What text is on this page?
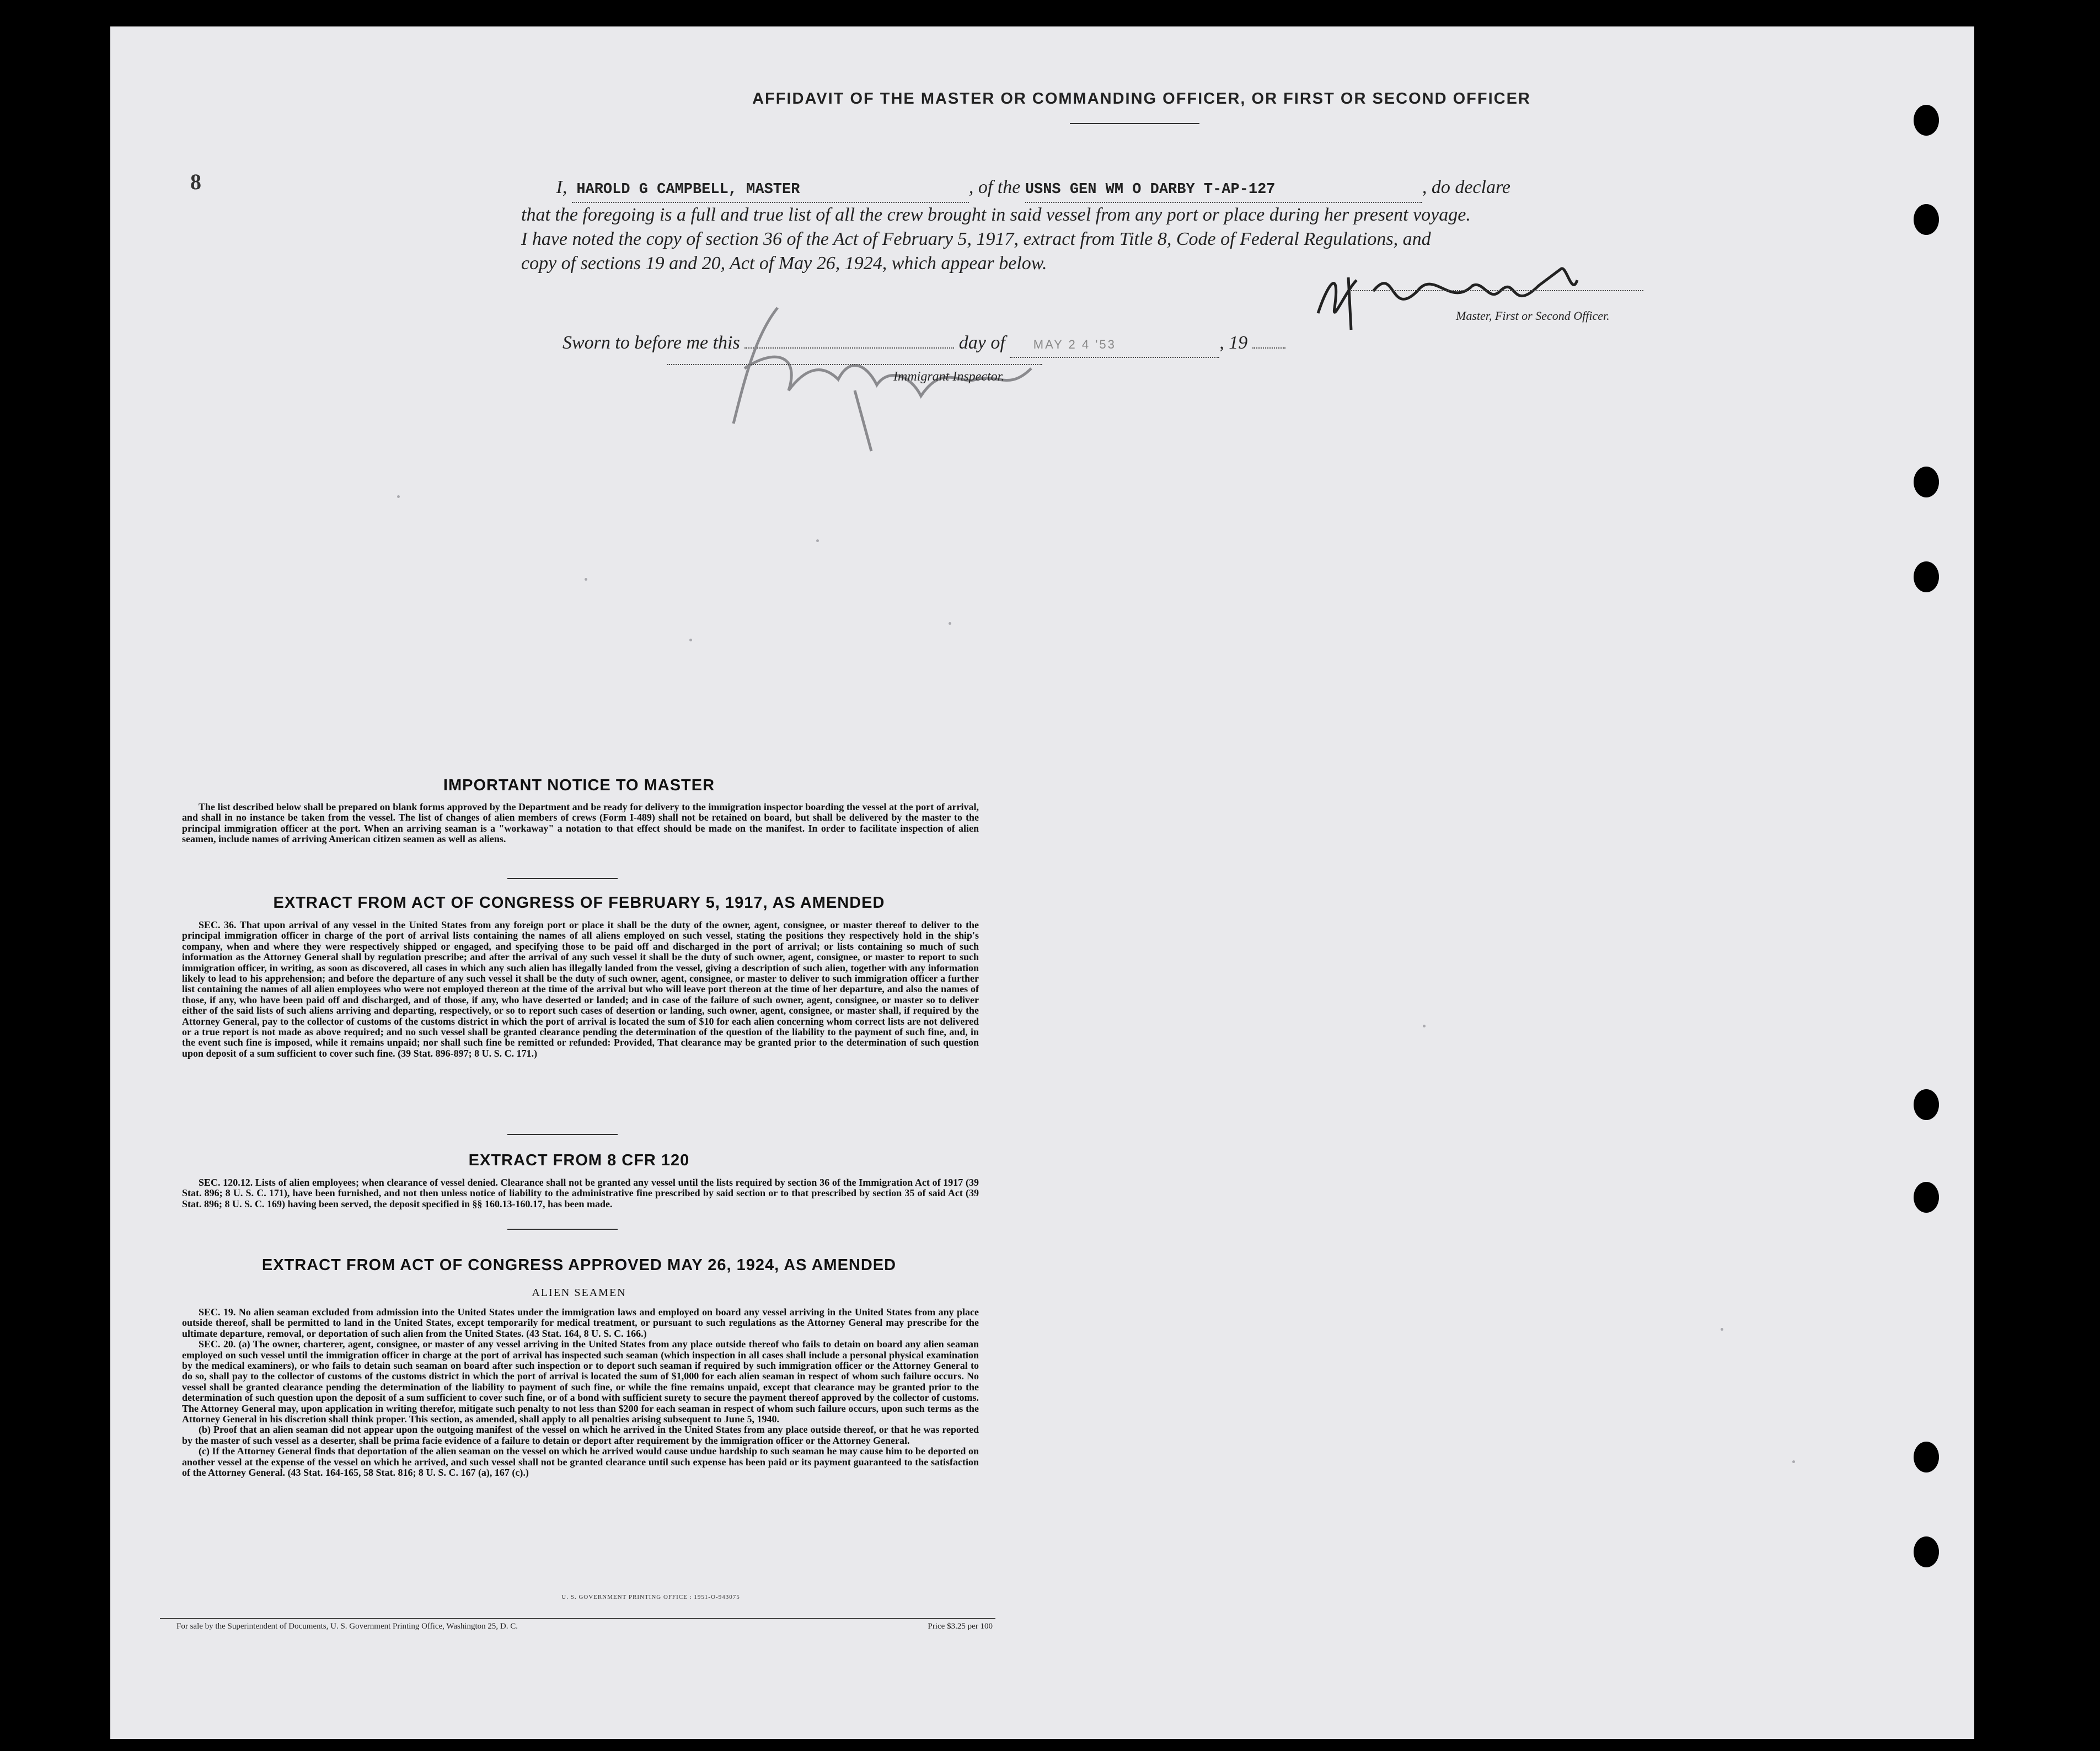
AFFIDAVIT OF THE MASTER OR COMMANDING OFFICER, OR FIRST OR SECOND OFFICER
8	I, HAROLD G CAMPBELL, MASTER	, of the USNS GEN WM O DARBY T-AP-127	, do declare
that the foregoing is a full and true list of all the crew brought in said vessel from any port or place during her present voyage.
I have noted the copy of section 36 of the Act of February 5, 1917, extract from Title 8, Code of Federal Regulations, and
copy of sections 19 and 20, Act of May 26, 1924, which appear below.
Master, First or Second Officer.
Sworn to before me this	day of MAY 2 4 '53	, 19
Immigrant Inspector.
IMPORTANT NOTICE TO MASTER

The list described below shall be prepared on blank forms approved by the Department and be ready for delivery to the immigration inspector boarding the vessel at the port of arrival, and shall in no instance be taken from the vessel. The list of changes of alien members of crews (Form I-489) shall not be retained on board, but shall be delivered by the master to the principal immigration officer at the port. When an arriving seaman is a "workaway" a notation to that effect should be made on the manifest. In order to facilitate inspection of alien seamen, include names of arriving American citizen seamen as well as aliens.

EXTRACT FROM ACT OF CONGRESS OF FEBRUARY 5, 1917, AS AMENDED

SEC. 36. That upon arrival of any vessel in the United States from any foreign port or place it shall be the duty of the owner, agent, consignee, or master thereof to deliver to the principal immigration officer in charge of the port of arrival lists containing the names of all aliens employed on such vessel, stating the positions they respectively hold in the ship's company, when and where they were respectively shipped or engaged, and specifying those to be paid off and discharged in the port of arrival; or lists containing so much of such information as the Attorney General shall by regulation prescribe; and after the arrival of any such vessel it shall be the duty of such owner, agent, consignee, or master to report to such immigration officer, in writing, as soon as discovered, all cases in which any such alien has illegally landed from the vessel, giving a description of such alien, together with any information likely to lead to his apprehension; and before the departure of any such vessel it shall be the duty of such owner, agent, consignee, or master to deliver to such immigration officer a further list containing the names of all alien employees who were not employed thereon at the time of the arrival but who will leave port thereon at the time of her departure, and also the names of those, if any, who have been paid off and discharged, and of those, if any, who have deserted or landed; and in case of the failure of such owner, agent, consignee, or master so to deliver either of the said lists of such aliens arriving and departing, respectively, or so to report such cases of desertion or landing, such owner, agent, consignee, or master shall, if required by the Attorney General, pay to the collector of customs of the customs district in which the port of arrival is located the sum of $10 for each alien concerning whom correct lists are not delivered or a true report is not made as above required; and no such vessel shall be granted clearance pending the determination of the question of the liability to the payment of such fine, and, in the event such fine is imposed, while it remains unpaid; nor shall such fine be remitted or refunded: Provided, That clearance may be granted prior to the determination of such question upon deposit of a sum sufficient to cover such fine. (39 Stat. 896-897; 8 U. S. C. 171.)

EXTRACT FROM 8 CFR 120

SEC. 120.12. Lists of alien employees; when clearance of vessel denied. Clearance shall not be granted any vessel until the lists required by section 36 of the Immigration Act of 1917 (39 Stat. 896; 8 U. S. C. 171), have been furnished, and not then unless notice of liability to the administrative fine prescribed by said section or to that prescribed by section 35 of said Act (39 Stat. 896; 8 U. S. C. 169) having been served, the deposit specified in §§ 160.13-160.17, has been made.

EXTRACT FROM ACT OF CONGRESS APPROVED MAY 26, 1924, AS AMENDED
ALIEN SEAMEN

SEC. 19. No alien seaman excluded from admission into the United States under the immigration laws and employed on board any vessel arriving in the United States from any place outside thereof, shall be permitted to land in the United States, except temporarily for medical treatment, or pursuant to such regulations as the Attorney General may prescribe for the ultimate departure, removal, or deportation of such alien from the United States. (43 Stat. 164, 8 U. S. C. 166.)

SEC. 20. (a) The owner, charterer, agent, consignee, or master of any vessel arriving in the United States from any place outside thereof who fails to detain on board any alien seaman employed on such vessel until the immigration officer in charge at the port of arrival has inspected such seaman (which inspection in all cases shall include a personal physical examination by the medical examiners), or who fails to detain such seaman on board after such inspection or to deport such seaman if required by such immigration officer or the Attorney General to do so, shall pay to the collector of customs of the customs district in which the port of arrival is located the sum of $1,000 for each alien seaman in respect of whom such failure occurs. No vessel shall be granted clearance pending the determination of the liability to payment of such fine, or while the fine remains unpaid, except that clearance may be granted prior to the determination of such question upon the deposit of a sum sufficient to cover such fine, or of a bond with sufficient surety to secure the payment thereof approved by the collector of customs. The Attorney General may, upon application in writing therefor, mitigate such penalty to not less than $200 for each seaman in respect of whom such failure occurs, upon such terms as the Attorney General in his discretion shall think proper. This section, as amended, shall apply to all penalties arising subsequent to June 5, 1940.

(b) Proof that an alien seaman did not appear upon the outgoing manifest of the vessel on which he arrived in the United States from any place outside thereof, or that he was reported by the master of such vessel as a deserter, shall be prima facie evidence of a failure to detain or deport after requirement by the immigration officer or the Attorney General.

(c) If the Attorney General finds that deportation of the alien seaman on the vessel on which he arrived would cause undue hardship to such seaman he may cause him to be deported on another vessel at the expense of the vessel on which he arrived, and such vessel shall not be granted clearance until such expense has been paid or its payment guaranteed to the satisfaction of the Attorney General. (43 Stat. 164-165, 58 Stat. 816; 8 U. S. C. 167 (a), 167 (c).)

U. S. GOVERNMENT PRINTING OFFICE : 1951-O-943075
For sale by the Superintendent of Documents, U. S. Government Printing Office, Washington 25, D. C.	Price $3.25 per 100
